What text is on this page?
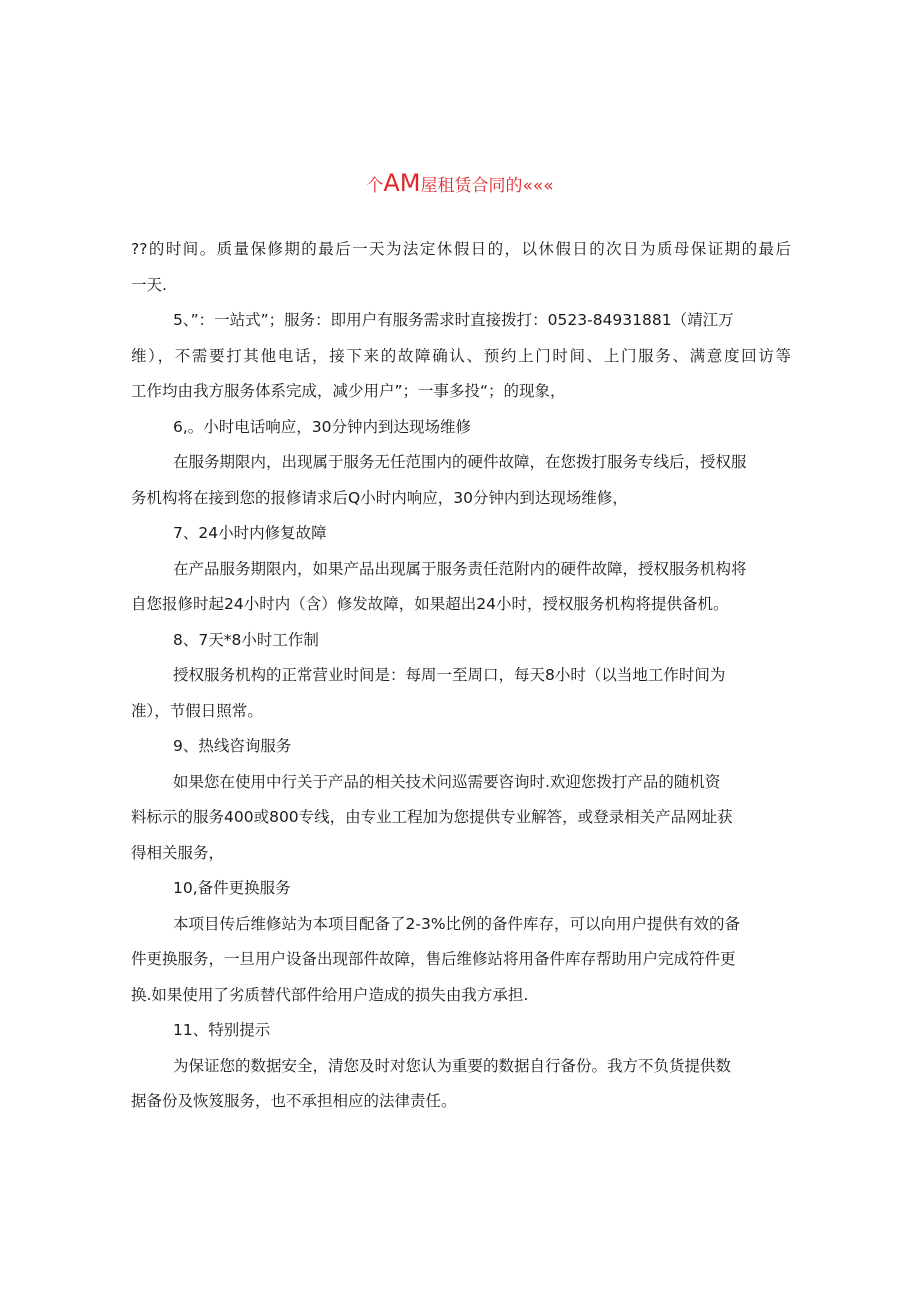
个AM屋租赁合同的«««
??的时间。质量保修期的最后一天为法定休假日的，以休假日的次日为质母保证期的最后
一天.
5、”：一站式”；服务：即用户有服务需求时直接拨打：0523-84931881（靖江万
维），不需要打其他电话，接下来的故障确认、预约上门时间、上门服务、满意度回访等
工作均由我方服务体系完成，减少用户”；一事多投“；的现象，
6,。小时电话响应，30分钟内到达现场维修
在服务期限内，出现属于服务无任范围内的硬件故障，在您拨打服务专线后，授权服
务机构将在接到您的报修请求后Q小时内响应，30分钟内到达现场维修，
7、24小时内修复故障
在产品服务期限内，如果产品出现属于服务责任范附内的硬件故障，授权服务机构将
自您报修时起24小时内（含）修发故障，如果超出24小时，授权服务机构将提供备机。
8、7天*8小时工作制
授权服务机构的正常营业时间是：每周一至周口，每天8小时（以当地工作时间为
准），节假日照常。
9、热线咨询服务
如果您在使用中行关于产品的相关技术问巡需要咨询时.欢迎您拨打产品的随机资
料标示的服务400或800专线，由专业工程加为您提供专业解答，或登录相关产品网址获
得相关服务，
10,备件更换服务
本项目传后维修站为本项目配备了2-3%比例的备件库存，可以向用户提供有效的备
件更换服务，一旦用户设备出现部件故障，售后维修站将用备件库存帮助用户完成符件更
换.如果使用了劣质替代部件给用户造成的损失由我方承担.
11、特别提示
为保证您的数据安全，清您及时对您认为重要的数据自行备份。我方不负货提供数
据备份及恢笈服务，也不承担相应的法律责任。
